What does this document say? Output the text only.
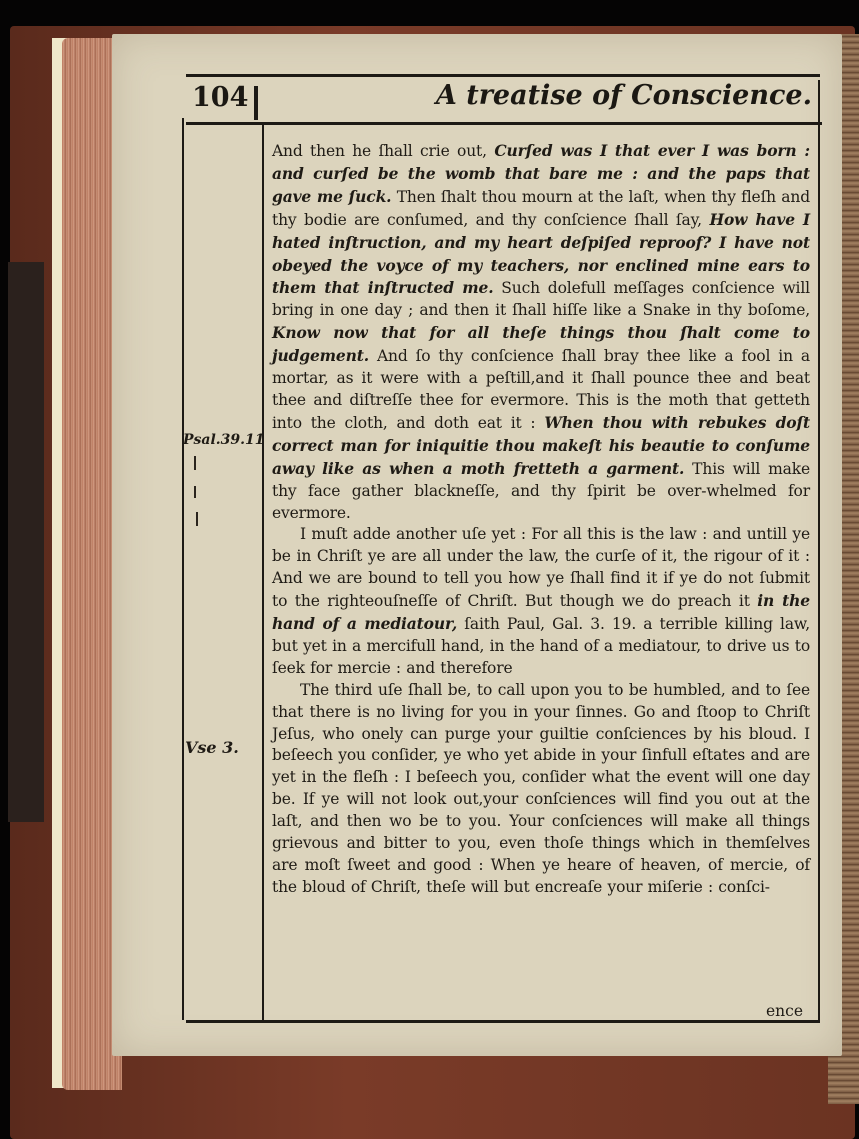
104	A treatise of Conscience.
Psal.39.11
Vse 3.

And then he ſhall crie out, Curſed was I that ever I was born : and curſed be the womb that bare me : and the paps that gave me ſuck. Then ſhalt thou mourn at the laſt, when thy fleſh and thy bodie are conſumed, and thy conſcience ſhall ſay, How have I hated inſtruction, and my heart deſpiſed reproof? I have not obeyed the voyce of my teachers, nor enclined mine ears to them that inſtructed me. Such dolefull meſſages conſcience will bring in one day ; and then it ſhall hiſſe like a Snake in thy boſome, Know now that for all theſe things thou ſhalt come to judgement. And ſo thy conſcience ſhall bray thee like a fool in a mortar, as it were with a peſtill,and it ſhall pounce thee and beat thee and diſtreſſe thee for evermore. This is the moth that getteth into the cloth, and doth eat it : When thou with rebukes doſt correct man for iniquitie thou makeſt his beautie to conſume away like as when a moth fretteth a garment. This will make thy face gather blackneſſe, and thy ſpirit be over-whelmed for evermore.

I muſt adde another uſe yet : For all this is the law : and untill ye be in Chriſt ye are all under the law, the curſe of it, the rigour of it : And we are bound to tell you how ye ſhall find it if ye do not ſubmit to the righteouſneſſe of Chriſt. But though we do preach it in the hand of a mediatour, ſaith Paul, Gal. 3. 19. a terrible killing law, but yet in a mercifull hand, in the hand of a mediatour, to drive us to ſeek for mercie : and therefore

The third uſe ſhall be, to call upon you to be humbled, and to ſee that there is no living for you in your ſinnes. Go and ſtoop to Chriſt Jeſus, who onely can purge your guiltie conſciences by his bloud. I beſeech you conſider, ye who yet abide in your ſinfull eſtates and are yet in the fleſh : I beſeech you, conſider what the event will one day be. If ye will not look out,your conſciences will find you out at the laſt, and then wo be to you. Your conſciences will make all things grievous and bitter to you, even thoſe things which in themſelves are moſt ſweet and good : When ye heare of heaven, of mercie, of the bloud of Chriſt, theſe will but encreaſe your miſerie : conſci-

ence
